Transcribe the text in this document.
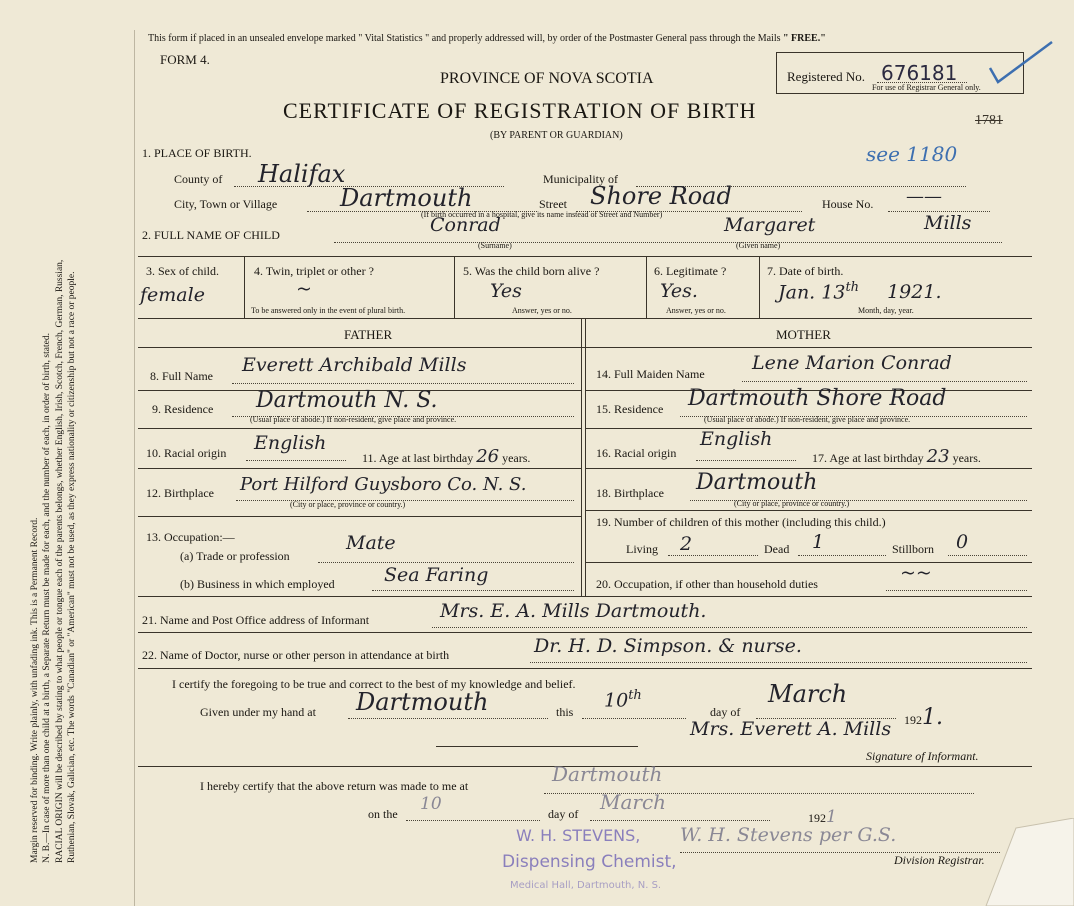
Margin reserved for binding. Write plainly, with unfading ink. This is a Permanent Record. N. B.—In case of more than one child at a birth, a Separate Return must be made for each, and the number of each, in order of birth, stated. RACIAL ORIGIN will be described by stating to what people or tongue each of the parents belongs, whether English, Irish, Scotch, French, German, Russian, Ruthenian, Slovak, Galician, etc. The words "Canadian" or "American" must not be used, as they express nationality or citizenship but not a race or people.
This form if placed in an unsealed envelope marked " Vital Statistics " and properly addressed will, by order of the Postmaster General pass through the Mails " FREE."
FORM 4.
PROVINCE OF NOVA SCOTIA
CERTIFICATE OF REGISTRATION OF BIRTH
(BY PARENT OR GUARDIAN)
Registered No. 676181
For use of Registrar General only.
1781
see 1180
1. PLACE OF BIRTH.
County of Halifax	Municipality of
City, Town or Village	Dartmouth	Street Shore Road	House No. ——
(If birth occurred in a hospital, give its name instead of Street and Number)
2. FULL NAME OF CHILD	Conrad
(Surname)
Margaret	Mills
(Given name)
3. Sex of child.
female
4. Twin, triplet or other ?
~
To be answered only in the event of plural birth.
5. Was the child born alive ?
Yes
Answer, yes or no.
6. Legitimate ?
Yes.
Answer, yes or no.
7. Date of birth.
Jan. 13th 1921.
Month, day, year.
FATHER	MOTHER
8. Full Name Everett Archibald Mills
9. Residence Dartmouth N. S.
(Usual place of abode.) If non-resident, give place and province.
10. Racial origin English
11. Age at last birthday 26 years.
12. Birthplace Port Hilford Guysboro Co. N. S.
(City or place, province or country.)
13. Occupation:—
(a) Trade or profession
Mate
(b) Business in which employed	Sea Faring
14. Full Maiden Name Lene Marion Conrad
15. Residence Dartmouth Shore Road
(Usual place of abode.) If non-resident, give place and province.
16. Racial origin
English
17. Age at last birthday 23 years.
18. Birthplace Dartmouth
(City or place, province or country.)
19. Number of children of this mother (including this child.)
Living 2	Dead 1	Stillborn 0
20. Occupation, if other than household duties	~~
21. Name and Post Office address of Informant	Mrs. E. A. Mills Dartmouth.
22. Name of Doctor, nurse or other person in attendance at birth	Dr. H. D. Simpson. & nurse.
I certify the foregoing to be true and correct to the best of my knowledge and belief.
Given under my hand at Dartmouth	this
10th
day of
March
1921.
Mrs. Everett A. Mills
Signature of Informant.
I hereby certify that the above return was made to me at	Dartmouth
on the 10	day of March
1921
W. H. STEVENS,
Dispensing Chemist,
Medical Hall, Dartmouth, N. S.
W. H. Stevens per G.S.
Division Registrar.
